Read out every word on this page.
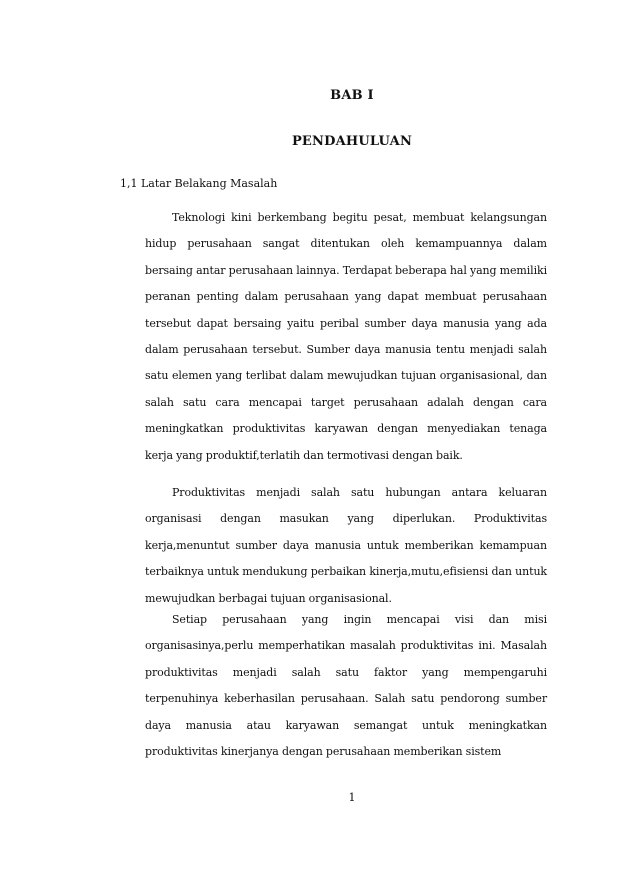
BAB I
PENDAHULUAN

1,1 Latar Belakang Masalah

Teknologi kini berkembang begitu pesat, membuat kelangsungan hidup perusahaan sangat ditentukan oleh kemampuannya dalam bersaing antar perusahaan lainnya. Terdapat beberapa hal yang memiliki peranan penting dalam perusahaan yang dapat membuat perusahaan tersebut dapat bersaing yaitu peribal sumber daya manusia yang ada dalam perusahaan tersebut. Sumber daya manusia tentu menjadi salah satu elemen yang terlibat dalam mewujudkan tujuan organisasional, dan salah satu cara mencapai target perusahaan adalah dengan cara meningkatkan produktivitas karyawan dengan menyediakan tenaga kerja yang produktif,terlatih dan termotivasi dengan baik.

Produktivitas menjadi salah satu hubungan antara keluaran organisasi dengan masukan yang diperlukan. Produktivitas kerja,menuntut sumber daya manusia untuk memberikan kemampuan terbaiknya untuk mendukung perbaikan kinerja,mutu,efisiensi dan untuk mewujudkan berbagai tujuan organisasional.

Setiap perusahaan yang ingin mencapai visi dan misi organisasinya,perlu memperhatikan masalah produktivitas ini. Masalah produktivitas menjadi salah satu faktor yang mempengaruhi terpenuhinya keberhasilan perusahaan. Salah satu pendorong sumber daya manusia atau karyawan semangat untuk meningkatkan produktivitas kinerjanya dengan perusahaan memberikan sistem

1
